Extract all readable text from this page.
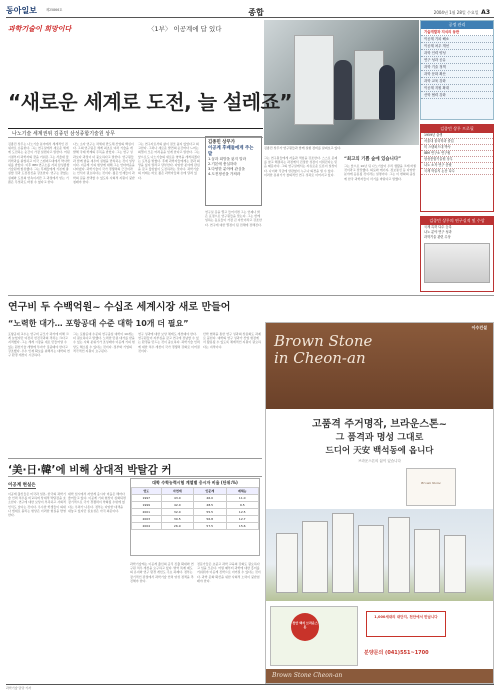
동아일보	제25866호	종합	2004년 1월 28일 수요일 A3
과학기술이 희망이다	〈1부〉 이공계에 답 있다
김종민 상무가 연구원들과 함께 실험 장비를 살펴보고 있다.
공정 관리
기술개발과 지식의 동반
이공계 기피 해소
이공계 처우 개선
과학 인력 양성
연구 성과 공유
과학 기술 정책
과학 문화 확산
과학 교육 강화
이공계 지원 확대
산학 협력 강화
“새로운 세계로 도전, 늘 설레죠”
나노기술 세계권위 김종민 삼성종합기술원 상무
김종민 상무는 나노기술 분야에서 세계적인 권위자로 손꼽힌다. 그는 연구실에서 새로운 세계에 도전하는 순간이 가장 설렌다고 말한다. 어린 시절부터 과학자의 꿈을 키워온 그는 서울대 물리학과를 졸업하고 미국 스탠퍼드대에서 박사학위를 받았다. 이후 IBM 연구소를 거쳐 삼성종합기술원에 합류했다. 그는 후배들에게 기본에 충실할 것과 도전정신을 강조한다. 연구는 끝없는 실패와 도전의 연속이지만 그 과정에서 얻는 기쁨은 무엇과도 바꿀 수 없다고 한다.
나노 소자 연구는 차세대 반도체 산업의 핵심이다. 그의 연구팀은 세계 최초로 여러 기술을 개발해 국제 학계의 주목을 받았다. 그는 연구 성과보다 과정이 더 중요하다고 말한다. 연구원들과 함께 밤을 새우며 실험을 반복하는 것이 일상이다. 이공계 기피 현상에 대해 그는 안타까움을 나타냈다. 과학기술이 국가 경쟁력의 근간이라는 인식이 필요하다는 것이다. 젊은 인재들이 과학의 길을 선택할 수 있도록 사회적 지원이 뒷받침돼야 한다.
그는 연구자로서의 삶이 결코 쉽지 않았다고 회고한다. 그러나 새로운 발견의 순간마다 느끼는 희열이 모든 어려움을 잊게 한다고 말한다. 그는 앞으로도 나노기술의 새로운 영역을 개척하겠다는 포부를 밝혔다. 후배 과학자들에게는 꿈과 희망을 잃지 말라고 당부한다. 다양한 분야에 관심을 갖고 끊임없이 도전하라는 것이다. 과학기술의 미래는 바로 젊은 과학자들의 손에 달려 있다.
김종민 상무가
이공계 후배들에게 주는 말
1.꿈과 희망을 잃지 말라
2.기본에 충실하라
3.다양한 분야에 관심을
4.도전정신을 가져라
연구실 문을 열고 들어서면 그는 언제나 밝은 표정으로 연구원들을 맞는다. 그는 함께 일하는 동료들이 가장 큰 자산이라고 강조한다. 연구에 대한 열정이 팀 전체에 전해진다.
그는 연구원들에게 자율과 책임을 강조한다. 스스로 문제를 찾고 해결하는 과정에서 진정한 성장이 이뤄진다는 믿음 때문이다. 그의 연구실에서는 자유로운 토론이 일상이다. 나이와 직급에 상관없이 누구나 의견을 낼 수 있다. 이러한 분위기가 창의적인 연구 성과로 이어지고 있다.
“최고의 기쁨 숲에 있습니다”
그는 앞으로 10년 뒤 나노기술이 우리 생활을 크게 바꿀 것이라고 전망했다. 의료와 에너지, 정보통신 등 다양한 분야에 응용될 것이라는 설명이다. 그는 이 변화의 중심에 한국 과학자들이 서기를 바란다고 말했다.
김종민 상무 프로필
1959년 출생
서울대 물리학과 졸업
미 스탠퍼드대 박사
IBM 연구소 연구원
삼성종합기술원 상무
나노 소자 연구 총괄
국제 학술지 논문 다수
김종민 상무의 연구실적 및 수상
국제 특허 다수 등록
나노 분야 연구 성과
과학기술 관련 수상
연구비 두 수백억원~ 수십조 세계시장 새로 만들어
“노력한 대가… 포항공대 수준 대학 10개 더 필요”
포항공대 교수는 연구비 규모가 과거에 비해 크게 늘었지만 여전히 선진국과의 격차는 크다고 지적했다. 그는 세계 시장을 새로 만들어낼 수 있는 원천기술 개발에 투자가 집중돼야 한다고 강조했다. 우수 인재 확보를 위해서는 대학의 연구 환경 개선이 시급하다.
그는 포항공대 수준의 연구중심 대학이 10개는 더 필요하다고 말했다. 노력한 만큼 대가를 받을 수 있는 사회 분위기가 조성돼야 이공계 기피 현상도 해소될 수 있다는 것이다. 정부와 기업의 적극적인 지원이 요구된다.
연구 성과에 대한 보상 체계도 개선돼야 한다. 연구원들이 자부심을 갖고 연구에 전념할 수 있는 환경을 만드는 것이 중요하다. 과학기술 인력에 대한 처우 개선이 국가 경쟁력 강화로 이어질 것이다.
산학 협력을 통한 연구 성과의 상용화도 과제로 꼽힌다. 대학의 연구 성과가 산업 현장에서 활용될 수 있도록 체계적인 지원이 필요하다는 지적이다.
‘美·日·韓’에 비해 상대적 박탈감 커
이공계 현실은
이공계 출신들은 미국과 일본, 한국의 과학기술 인력 처우를 비교하며 상대적 박탈감을 호소한다. 연구에 대한 보상이 부족하고 사회적 인식도 낮다는 것이다. 우수한 학생들이 의대나 법대로 몰리는 현상은 이러한 현실을 반영한다.
대학 입시에서 자연계 응시자 비율은 해마다 줄어들고 있다. 이공계 기피 현상이 심화되면 장기적으로 국가 경쟁력이 약화될 수밖에 없다는 우려가 나온다. 정부는 다양한 대책을 내놓고 있지만 실효성은 아직 의문이다.
대학 수학능력시험 계열별 응시자 비율 (단위:%)
연도	자연계	인문계	예체능
1997	43.0	46.0	11.0
1999	42.0	48.5	9.5
2001	32.0	55.5	12.5
2003	30.5	56.8	12.7
2004	26.9	57.5	15.6
과학기술계는 이공계 출신의 공직 진출 확대와 연구원 처우 개선을 요구하고 있다. 병역 특례 제도의 유지와 연구 환경 개선도 주요 과제다. 정부는 장기적인 관점에서 과학기술 인력 양성 정책을 추진해야 한다.
전문가들은 초중고 과학 교육의 강화도 필요하다고 입을 모은다. 어릴 때부터 과학에 대한 흥미를 키워줘야 이공계 진학으로 이어질 수 있다는 것이다. 과학 문화 확산을 위한 사회적 노력이 뒷받침돼야 한다.
이수건설
Brown Stone
in Cheon-an
고품격 주거명작, 브라운스톤~
그 품격과 명성 그대로
드디어 天安 백석동에 옵니다
브라운스톤의 삶이 있습니다
Brown Stone
천안 백석 브라운스톤
1,000세대의 대단지, 천안에서 만납니다
분양문의 (041)551~1700
Brown Stone Cheon-an
과학기술 담당 기자
